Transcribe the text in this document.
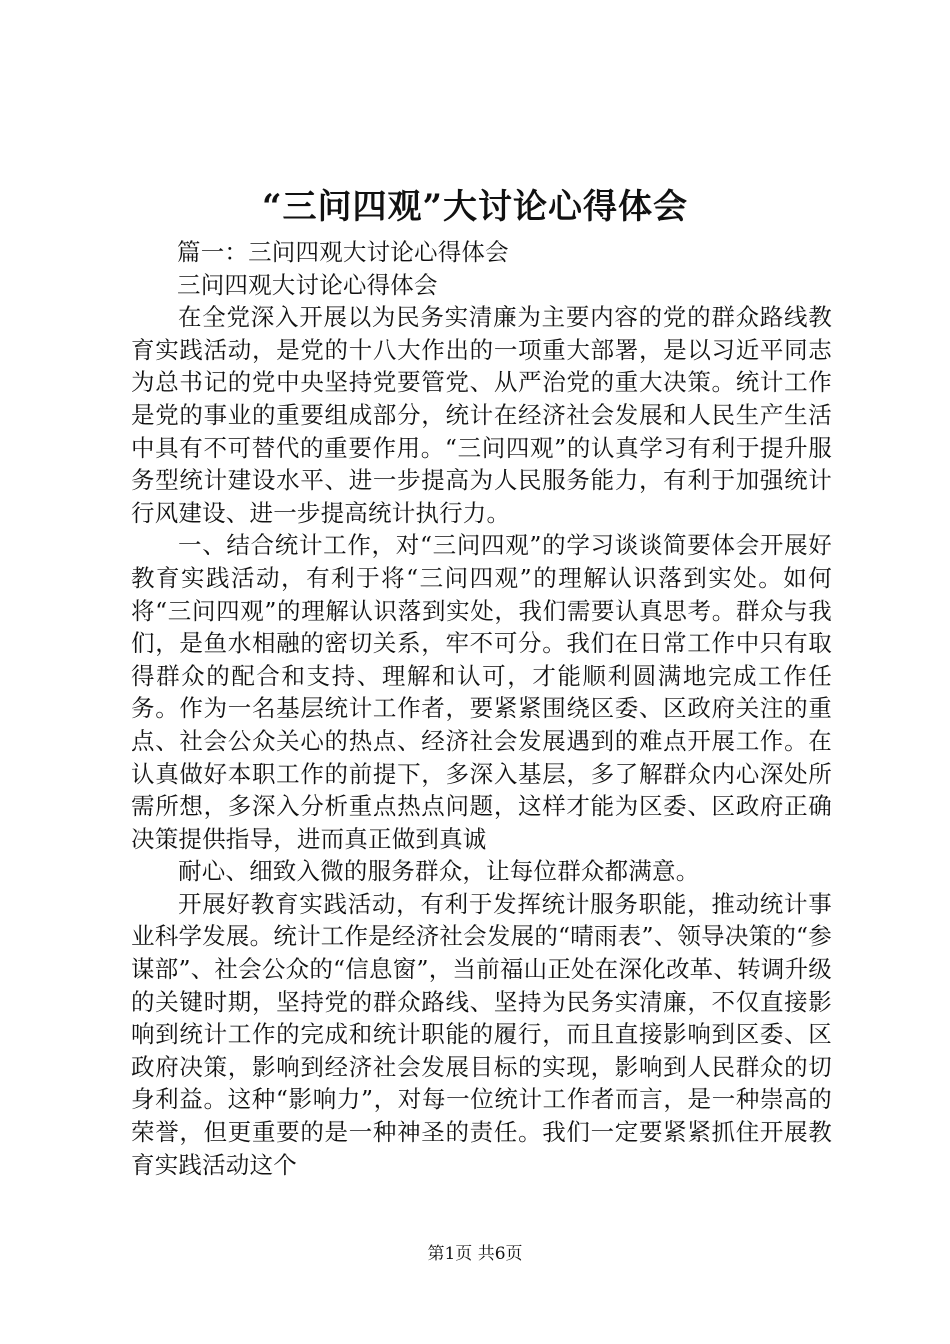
“三问四观”大讨论心得体会

篇一：三问四观大讨论心得体会

三问四观大讨论心得体会

在全党深入开展以为民务实清廉为主要内容的党的群众路线教育实践活动，是党的十八大作出的一项重大部署，是以习近平同志为总书记的党中央坚持党要管党、从严治党的重大决策。统计工作是党的事业的重要组成部分，统计在经济社会发展和人民生产生活中具有不可替代的重要作用。“三问四观”的认真学习有利于提升服务型统计建设水平、进一步提高为人民服务能力，有利于加强统计行风建设、进一步提高统计执行力。

一、结合统计工作，对“三问四观”的学习谈谈简要体会开展好教育实践活动，有利于将“三问四观”的理解认识落到实处。如何将“三问四观”的理解认识落到实处，我们需要认真思考。群众与我们，是鱼水相融的密切关系，牢不可分。我们在日常工作中只有取得群众的配合和支持、理解和认可，才能顺利圆满地完成工作任务。作为一名基层统计工作者，要紧紧围绕区委、区政府关注的重点、社会公众关心的热点、经济社会发展遇到的难点开展工作。在认真做好本职工作的前提下，多深入基层，多了解群众内心深处所需所想，多深入分析重点热点问题，这样才能为区委、区政府正确决策提供指导，进而真正做到真诚

耐心、细致入微的服务群众，让每位群众都满意。

开展好教育实践活动，有利于发挥统计服务职能，推动统计事业科学发展。统计工作是经济社会发展的“晴雨表”、领导决策的“参谋部”、社会公众的“信息窗”，当前福山正处在深化改革、转调升级的关键时期，坚持党的群众路线、坚持为民务实清廉，不仅直接影响到统计工作的完成和统计职能的履行，而且直接影响到区委、区政府决策，影响到经济社会发展目标的实现，影响到人民群众的切身利益。这种“影响力”，对每一位统计工作者而言，是一种崇高的荣誉，但更重要的是一种神圣的责任。我们一定要紧紧抓住开展教育实践活动这个

第1页 共6页
